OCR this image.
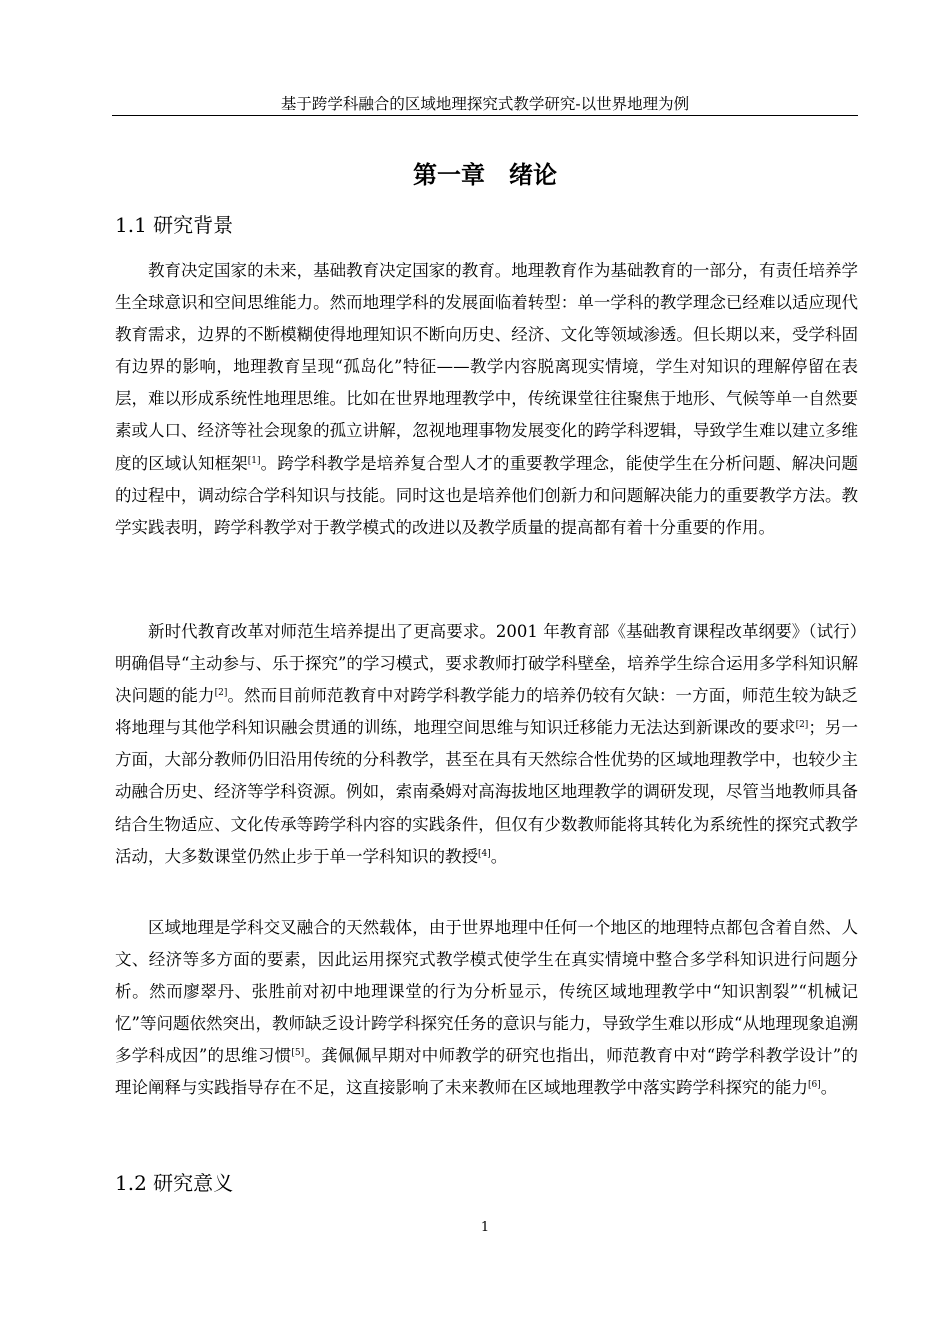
基于跨学科融合的区域地理探究式教学研究-以世界地理为例
第一章　绪论
1.1 研究背景

教育决定国家的未来，基础教育决定国家的教育。地理教育作为基础教育的一部分，有责任培养学生全球意识和空间思维能力。然而地理学科的发展面临着转型：单一学科的教学理念已经难以适应现代教育需求，边界的不断模糊使得地理知识不断向历史、经济、文化等领域渗透。但长期以来，受学科固有边界的影响，地理教育呈现“孤岛化”特征——教学内容脱离现实情境，学生对知识的理解停留在表层，难以形成系统性地理思维。比如在世界地理教学中，传统课堂往往聚焦于地形、气候等单一自然要素或人口、经济等社会现象的孤立讲解，忽视地理事物发展变化的跨学科逻辑，导致学生难以建立多维度的区域认知框架[1]。跨学科教学是培养复合型人才的重要教学理念，能使学生在分析问题、解决问题的过程中，调动综合学科知识与技能。同时这也是培养他们创新力和问题解决能力的重要教学方法。教学实践表明，跨学科教学对于教学模式的改进以及教学质量的提高都有着十分重要的作用。

新时代教育改革对师范生培养提出了更高要求。2001 年教育部《基础教育课程改革纲要》（试行）明确倡导“主动参与、乐于探究”的学习模式，要求教师打破学科壁垒，培养学生综合运用多学科知识解决问题的能力[2]。然而目前师范教育中对跨学科教学能力的培养仍较有欠缺：一方面，师范生较为缺乏将地理与其他学科知识融会贯通的训练，地理空间思维与知识迁移能力无法达到新课改的要求[2]；另一方面，大部分教师仍旧沿用传统的分科教学，甚至在具有天然综合性优势的区域地理教学中，也较少主动融合历史、经济等学科资源。例如，索南桑姆对高海拔地区地理教学的调研发现，尽管当地教师具备结合生物适应、文化传承等跨学科内容的实践条件，但仅有少数教师能将其转化为系统性的探究式教学活动，大多数课堂仍然止步于单一学科知识的教授[4]。

区域地理是学科交叉融合的天然载体，由于世界地理中任何一个地区的地理特点都包含着自然、人文、经济等多方面的要素，因此运用探究式教学模式使学生在真实情境中整合多学科知识进行问题分析。然而廖翠丹、张胜前对初中地理课堂的行为分析显示，传统区域地理教学中“知识割裂”“机械记忆”等问题依然突出，教师缺乏设计跨学科探究任务的意识与能力，导致学生难以形成“从地理现象追溯多学科成因”的思维习惯[5]。龚佩佩早期对中师教学的研究也指出，师范教育中对“跨学科教学设计”的理论阐释与实践指导存在不足，这直接影响了未来教师在区域地理教学中落实跨学科探究的能力[6]。

1.2 研究意义
1
